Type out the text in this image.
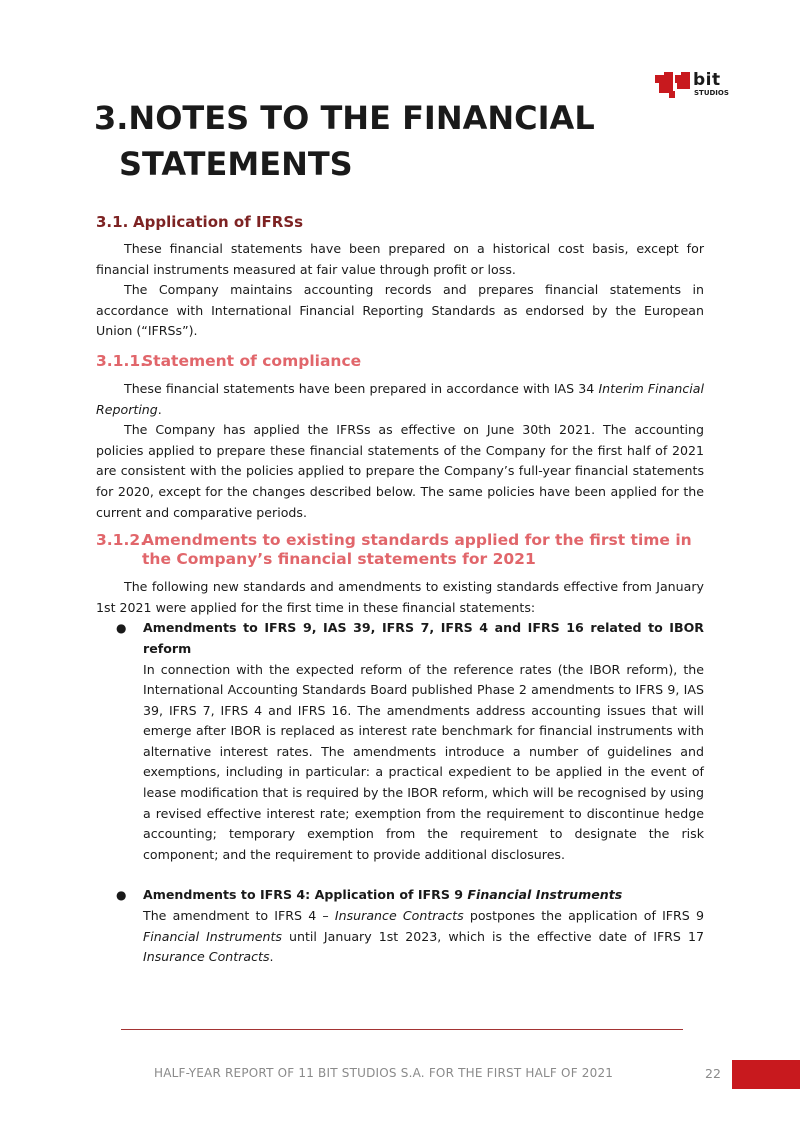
bit
STUDIOS
3.NOTES TO THE FINANCIAL STATEMENTS
3.1. Application of IFRSs

These financial statements have been prepared on a historical cost basis, except for financial instruments measured at fair value through profit or loss.

The Company maintains accounting records and prepares financial statements in accordance with International Financial Reporting Standards as endorsed by the European Union (“IFRSs”).

3.1.1.
Statement of compliance

These financial statements have been prepared in accordance with IAS 34 Interim Financial Reporting.

The Company has applied the IFRSs as effective on June 30th 2021. The accounting policies applied to prepare these financial statements of the Company for the first half of 2021 are consistent with the policies applied to prepare the Company’s full-year financial statements for 2020, except for the changes described below. The same policies have been applied for the current and comparative periods.

3.1.2.
Amendments to existing standards applied for the first time in the Company’s financial statements for 2021

The following new standards and amendments to existing standards effective from January 1st 2021 were applied for the first time in these financial statements:

● Amendments to IFRS 9, IAS 39, IFRS 7, IFRS 4 and IFRS 16 related to IBOR reform
In connection with the expected reform of the reference rates (the IBOR reform), the International Accounting Standards Board published Phase 2 amendments to IFRS 9, IAS 39, IFRS 7, IFRS 4 and IFRS 16. The amendments address accounting issues that will emerge after IBOR is replaced as interest rate benchmark for financial instruments with alternative interest rates. The amendments introduce a number of guidelines and exemptions, including in particular: a practical expedient to be applied in the event of lease modification that is required by the IBOR reform, which will be recognised by using a revised effective interest rate; exemption from the requirement to discontinue hedge accounting; temporary exemption from the requirement to designate the risk component; and the requirement to provide additional disclosures.
● Amendments to IFRS 4: Application of IFRS 9 Financial Instruments
The amendment to IFRS 4 – Insurance Contracts postpones the application of IFRS 9 Financial Instruments until January 1st 2023, which is the effective date of IFRS 17 Insurance Contracts.
HALF-YEAR REPORT OF 11 BIT STUDIOS S.A. FOR THE FIRST HALF OF 2021	22
